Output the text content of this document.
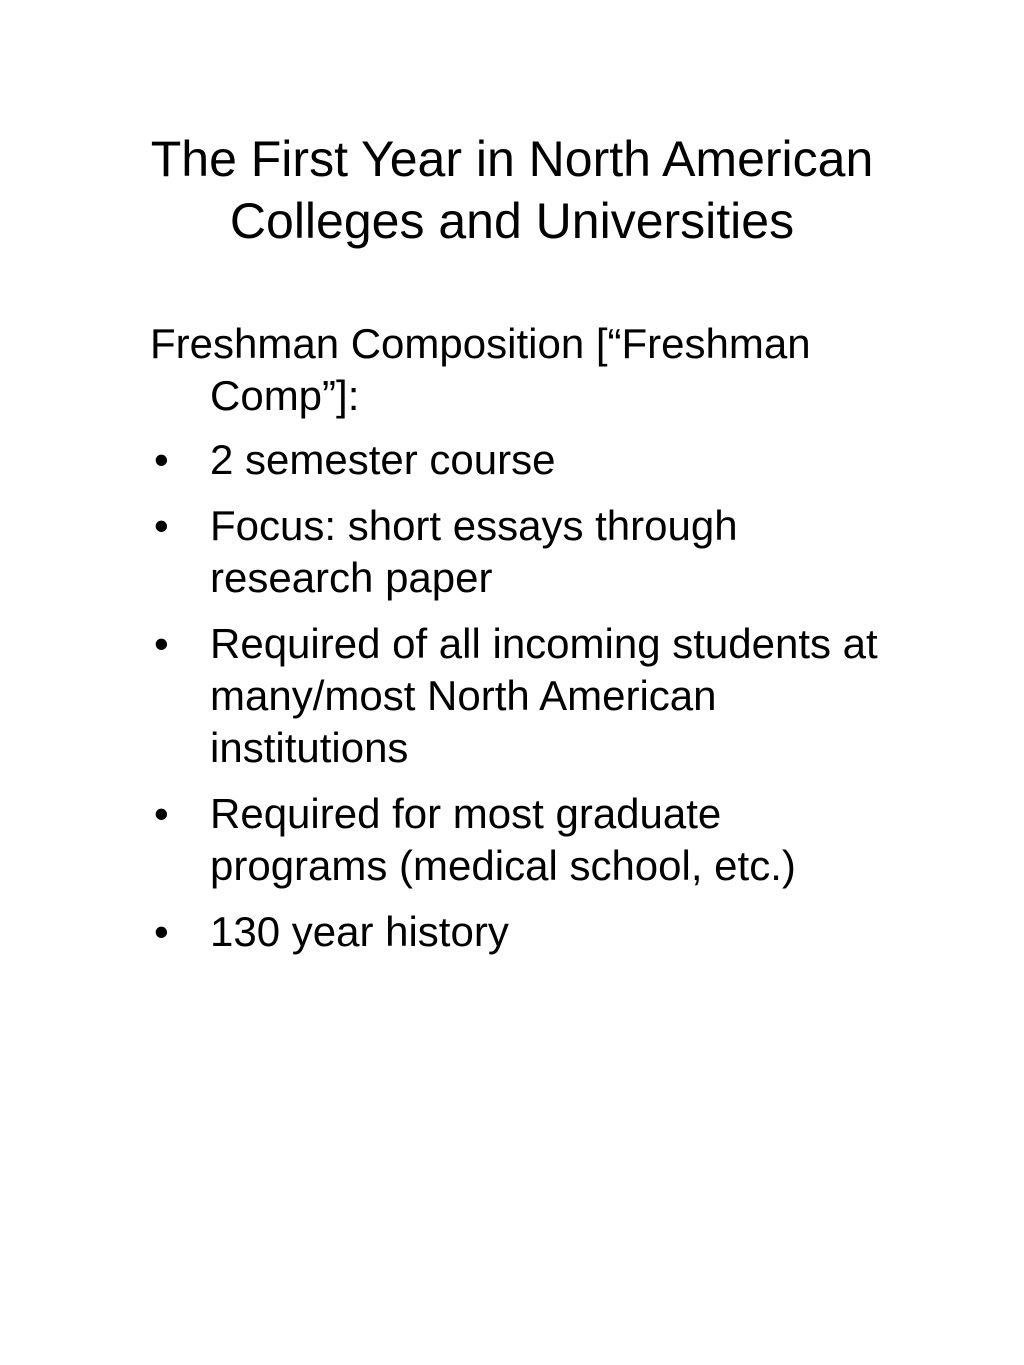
The First Year in North American Colleges and Universities

Freshman Composition [“Freshman Comp”]:

• 2 semester course
• Focus: short essays through research paper
• Required of all incoming students at many/most North American institutions
• Required for most graduate programs (medical school, etc.)
• 130 year history
